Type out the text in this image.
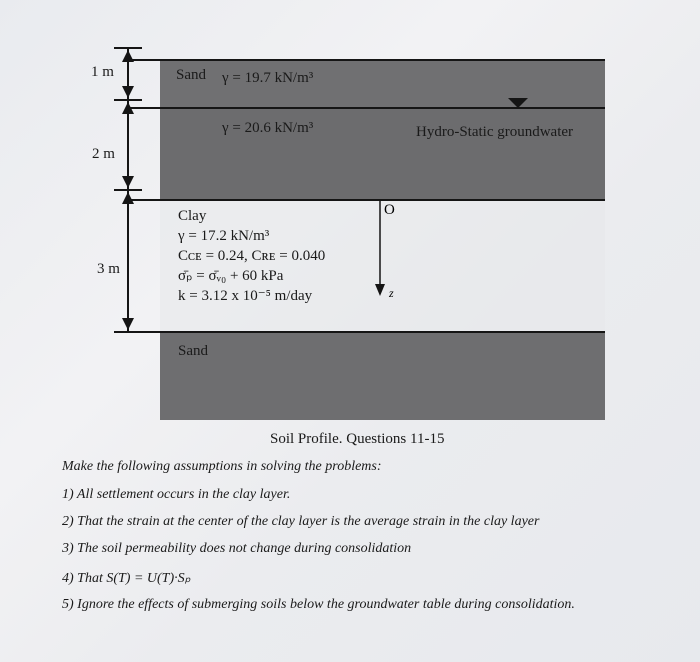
O
z
1 m
2 m
3 m
Sand γ = 19.7 kN/m³
γ = 20.6 kN/m³	Hydro-Static groundwater
Clay
γ = 17.2 kN/m³
Cᴄᴇ = 0.24, Cʀᴇ = 0.040
σ̄ₚ = σ̄ᵥ₀ + 60 kPa
k = 3.12 x 10⁻⁵ m/day
Sand
Soil Profile. Questions 11-15
Make the following assumptions in solving the problems:
1) All settlement occurs in the clay layer.
2) That the strain at the center of the clay layer is the average strain in the clay layer
3) The soil permeability does not change during consolidation
4) That S(T) = U(T)·Sₚ
5) Ignore the effects of submerging soils below the groundwater table during consolidation.
